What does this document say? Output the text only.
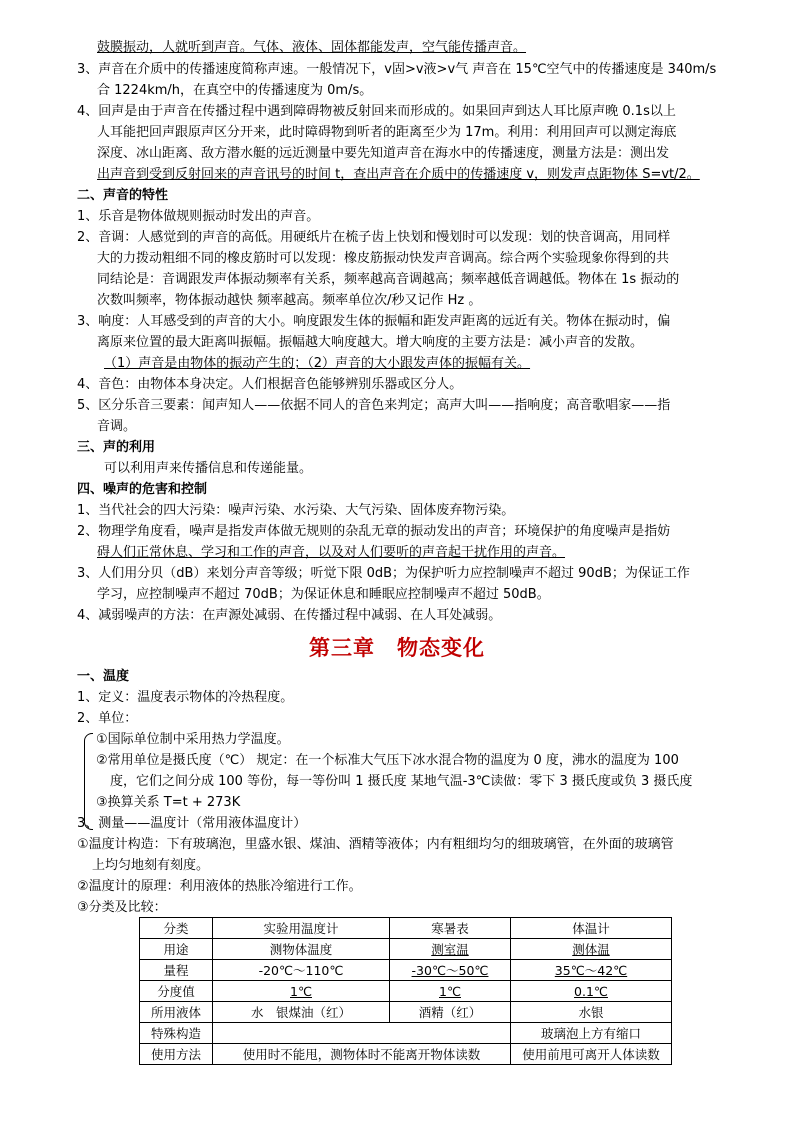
鼓膜振动，人就听到声音。气体、液体、固体都能发声，空气能传播声音。
3、声音在介质中的传播速度简称声速。一般情况下，v固>v液>v气 声音在 15℃空气中的传播速度是 340m/s
合 1224km/h，在真空中的传播速度为 0m/s。
4、回声是由于声音在传播过程中遇到障碍物被反射回来而形成的。如果回声到达人耳比原声晚 0.1s以上
人耳能把回声跟原声区分开来，此时障碍物到听者的距离至少为 17m。利用：利用回声可以测定海底
深度、冰山距离、敌方潜水艇的远近测量中要先知道声音在海水中的传播速度，测量方法是：测出发
出声音到受到反射回来的声音讯号的时间 t，查出声音在介质中的传播速度 v，则发声点距物体 S=vt/2。
二、声音的特性
1、乐音是物体做规则振动时发出的声音。
2、音调：人感觉到的声音的高低。用硬纸片在梳子齿上快划和慢划时可以发现：划的快音调高，用同样
大的力拨动粗细不同的橡皮筋时可以发现：橡皮筋振动快发声音调高。综合两个实验现象你得到的共
同结论是：音调跟发声体振动频率有关系，频率越高音调越高；频率越低音调越低。物体在 1s 振动的
次数叫频率，物体振动越快 频率越高。频率单位次/秒又记作 Hz 。
3、响度：人耳感受到的声音的大小。响度跟发生体的振幅和距发声距离的远近有关。物体在振动时，偏
离原来位置的最大距离叫振幅。振幅越大响度越大。增大响度的主要方法是：减小声音的发散。
（1）声音是由物体的振动产生的；（2）声音的大小跟发声体的振幅有关。
4、音色：由物体本身决定。人们根据音色能够辨别乐器或区分人。
5、区分乐音三要素：闻声知人——依据不同人的音色来判定；高声大叫——指响度；高音歌唱家——指
音调。
三、声的利用
可以利用声来传播信息和传递能量。
四、噪声的危害和控制
1、当代社会的四大污染：噪声污染、水污染、大气污染、固体废弃物污染。
2、物理学角度看，噪声是指发声体做无规则的杂乱无章的振动发出的声音；环境保护的角度噪声是指妨
碍人们正常休息、学习和工作的声音，以及对人们要听的声音起干扰作用的声音。
3、人们用分贝（dB）来划分声音等级；听觉下限 0dB；为保护听力应控制噪声不超过 90dB；为保证工作
学习，应控制噪声不超过 70dB；为保证休息和睡眠应控制噪声不超过 50dB。
4、减弱噪声的方法：在声源处减弱、在传播过程中减弱、在人耳处减弱。
第三章　物态变化
一、温度
1、定义：温度表示物体的冷热程度。
2、单位：
①国际单位制中采用热力学温度。
②常用单位是摄氏度（℃） 规定：在一个标准大气压下冰水混合物的温度为 0 度，沸水的温度为 100
度，它们之间分成 100 等份，每一等份叫 1 摄氏度 某地气温-3℃读做：零下 3 摄氏度或负 3 摄氏度
③换算关系 T=t + 273K
3、测量——温度计（常用液体温度计）
①温度计构造：下有玻璃泡，里盛水银、煤油、酒精等液体；内有粗细均匀的细玻璃管，在外面的玻璃管
上均匀地刻有刻度。
②温度计的原理：利用液体的热胀冷缩进行工作。
③分类及比较：
分类	实验用温度计	寒暑表	体温计
用途	测物体温度	测室温	测体温
量程	-20℃～110℃	-30℃～50℃	35℃～42℃
分度值	1℃	1℃	0.1℃
所用液体	水　银煤油（红）	酒精（红）	水银
特殊构造			玻璃泡上方有缩口
使用方法	使用时不能甩，测物体时不能离开物体读数		使用前甩可离开人体读数
